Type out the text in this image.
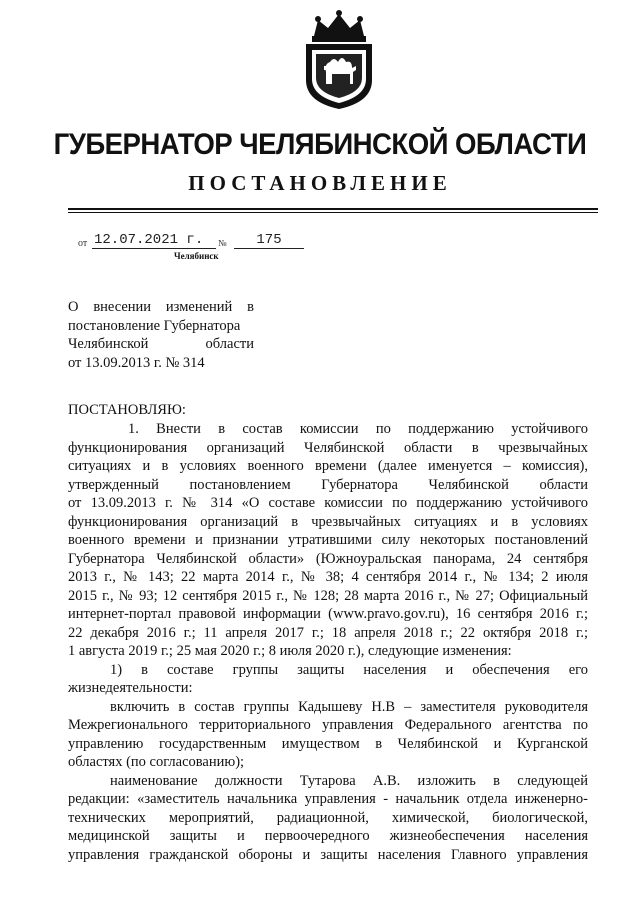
ГУБЕРНАТОР ЧЕЛЯБИНСКОЙ ОБЛАСТИ
ПОСТАНОВЛЕНИЕ
от 12.07.2021 г.	№	175
Челябинск
О внесении изменений в
постановление Губернатора
Челябинской области
от 13.09.2013 г. № 314
ПОСТАНОВЛЯЮ:
1. Внести в состав комиссии по поддержанию устойчивого
функционирования организаций Челябинской области в чрезвычайных
ситуациях и в условиях военного времени (далее именуется – комиссия),
утвержденный постановлением Губернатора Челябинской области
от 13.09.2013 г. № 314 «О составе комиссии по поддержанию устойчивого
функционирования организаций в чрезвычайных ситуациях и в условиях
военного времени и признании утратившими силу некоторых постановлений
Губернатора Челябинской области» (Южноуральская панорама, 24 сентября
2013 г., № 143; 22 марта 2014 г., № 38; 4 сентября 2014 г., № 134; 2 июля
2015 г., № 93; 12 сентября 2015 г., № 128; 28 марта 2016 г., № 27; Официальный
интернет-портал правовой информации (www.pravo.gov.ru), 16 сентября 2016 г.;
22 декабря 2016 г.; 11 апреля 2017 г.; 18 апреля 2018 г.; 22 октября 2018 г.;
1 августа 2019 г.; 25 мая 2020 г.; 8 июля 2020 г.), следующие изменения:
1) в составе группы защиты населения и обеспечения его
жизнедеятельности:
включить в состав группы Кадышеву Н.В – заместителя руководителя
Межрегионального территориального управления Федерального агентства по
управлению государственным имуществом в Челябинской и Курганской
областях (по согласованию);
наименование должности Тутарова А.В. изложить в следующей
редакции: «заместитель начальника управления - начальник отдела инженерно-
технических мероприятий, радиационной, химической, биологической,
медицинской защиты и первоочередного жизнеобеспечения населения
управления гражданской обороны и защиты населения Главного управления
